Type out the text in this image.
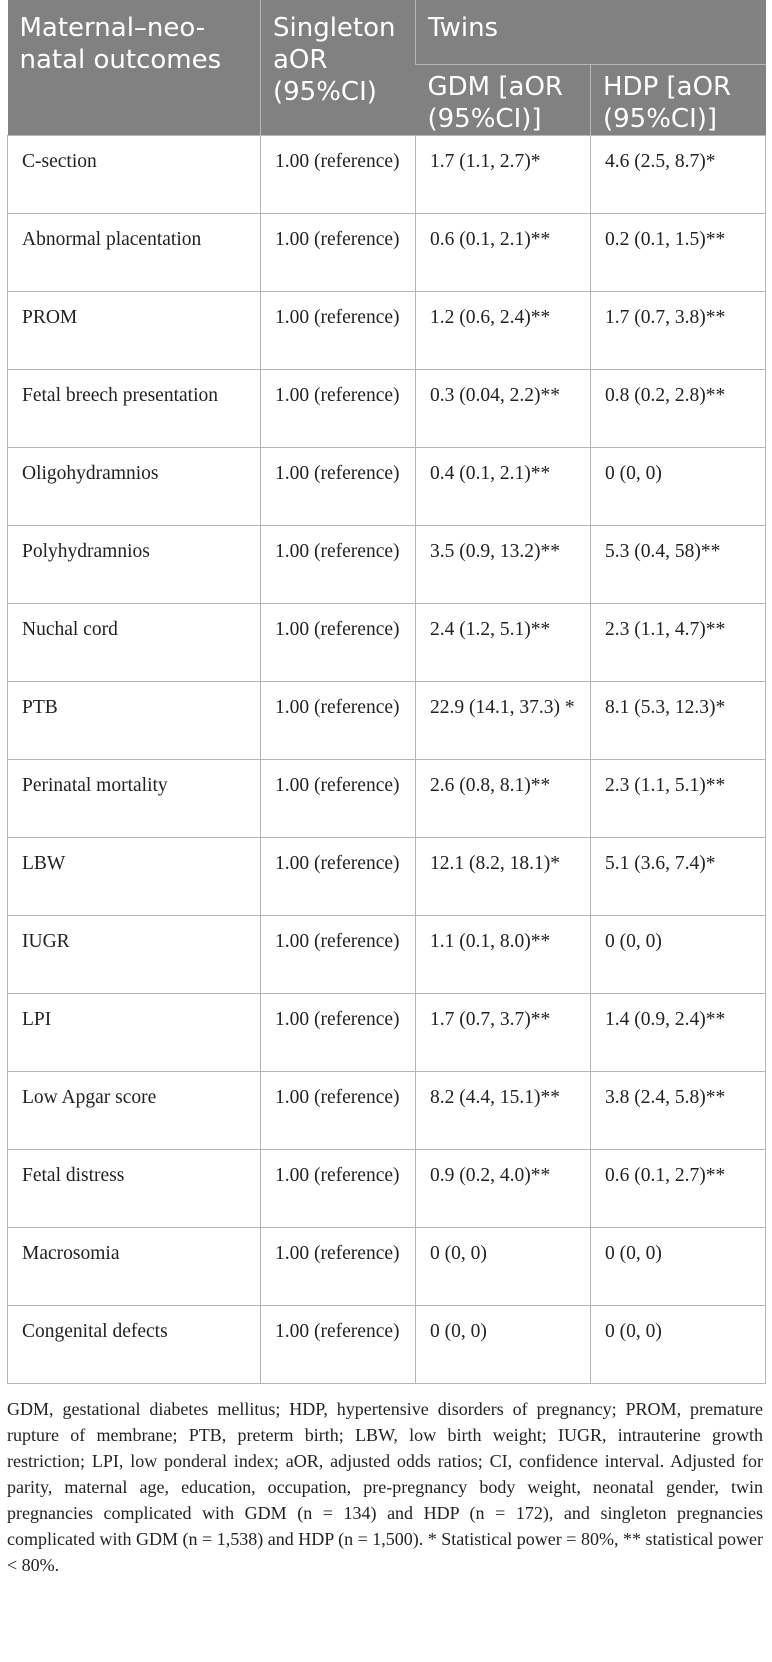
Maternal–neo-natal outcomes	Singleton aOR (95%CI)	Twins	
		GDM [aOR (95%CI)]	HDP [aOR (95%CI)]
C-section	1.00 (reference)	1.7 (1.1, 2.7)*	4.6 (2.5, 8.7)*
Abnormal placentation	1.00 (reference)	0.6 (0.1, 2.1)**	0.2 (0.1, 1.5)**
PROM	1.00 (reference)	1.2 (0.6, 2.4)**	1.7 (0.7, 3.8)**
Fetal breech presentation	1.00 (reference)	0.3 (0.04, 2.2)**	0.8 (0.2, 2.8)**
Oligohydramnios	1.00 (reference)	0.4 (0.1, 2.1)**	0 (0, 0)
Polyhydramnios	1.00 (reference)	3.5 (0.9, 13.2)**	5.3 (0.4, 58)**
Nuchal cord	1.00 (reference)	2.4 (1.2, 5.1)**	2.3 (1.1, 4.7)**
PTB	1.00 (reference)	22.9 (14.1, 37.3) *	8.1 (5.3, 12.3)*
Perinatal mortality	1.00 (reference)	2.6 (0.8, 8.1)**	2.3 (1.1, 5.1)**
LBW	1.00 (reference)	12.1 (8.2, 18.1)*	5.1 (3.6, 7.4)*
IUGR	1.00 (reference)	1.1 (0.1, 8.0)**	0 (0, 0)
LPI	1.00 (reference)	1.7 (0.7, 3.7)**	1.4 (0.9, 2.4)**
Low Apgar score	1.00 (reference)	8.2 (4.4, 15.1)**	3.8 (2.4, 5.8)**
Fetal distress	1.00 (reference)	0.9 (0.2, 4.0)**	0.6 (0.1, 2.7)**
Macrosomia	1.00 (reference)	0 (0, 0)	0 (0, 0)
Congenital defects	1.00 (reference)	0 (0, 0)	0 (0, 0)
GDM, gestational diabetes mellitus; HDP, hypertensive disorders of pregnancy; PROM, premature rupture of membrane; PTB, preterm birth; LBW, low birth weight; IUGR, intrauterine growth restriction; LPI, low ponderal index; aOR, adjusted odds ratios; CI, confidence interval. Adjusted for parity, maternal age, education, occupation, pre-pregnancy body weight, neonatal gender, twin pregnancies complicated with GDM (n = 134) and HDP (n = 172), and singleton pregnancies complicated with GDM (n = 1,538) and HDP (n = 1,500). * Statistical power = 80%, ** statistical power < 80%.
